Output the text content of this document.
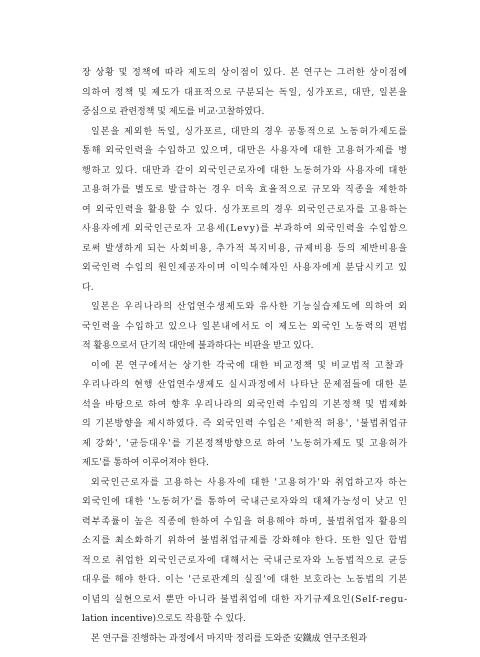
장 상황 및 정책에 따라 제도의 상이점이 있다. 본 연구는 그러한 상이점에
의하여 정책 및 제도가 대표적으로 구분되는 독일, 싱가포르, 대만, 일본을
중심으로 관련정책 및 제도를 비교·고찰하였다.
일본을 제외한 독일, 싱가포르, 대만의 경우 공통적으로 노동허가제도를
통해 외국인력을 수입하고 있으며, 대만은 사용자에 대한 고용허가제를 병
행하고 있다. 대만과 같이 외국인근로자에 대한 노동허가와 사용자에 대한
고용허가를 별도로 발급하는 경우 더욱 효율적으로 규모와 직종을 제한하
여 외국인력을 활용할 수 있다. 싱가포르의 경우 외국인근로자를 고용하는
사용자에게 외국인근로자 고용세(Levy)를 부과하여 외국인력을 수입함으
로써 발생하게 되는 사회비용, 추가적 복지비용, 규제비용 등의 제반비용을
외국인력 수입의 원인제공자이며 이익수혜자인 사용자에게 분담시키고 있
다.
일본은 우리나라의 산업연수생제도와 유사한 기능실습제도에 의하여 외
국인력을 수입하고 있으나 일본내에서도 이 제도는 외국인 노동력의 편법
적 활용으로서 단기적 대안에 불과하다는 비판을 받고 있다.
이에 본 연구에서는 상기한 각국에 대한 비교정책 및 비교법적 고찰과
우리나라의 현행 산업연수생제도 실시과정에서 나타난 문제점들에 대한 분
석을 바탕으로 하여 향후 우리나라의 외국인력 수입의 기본정책 및 법제화
의 기본방향을 제시하였다. 즉 외국인력 수입은 '제한적 허용', '불법취업규
제 강화', '균등대우'를 기본정책방향으로 하여 '노동허가제도 및 고용허가
제도'를 통하여 이루어져야 한다.
외국인근로자를 고용하는 사용자에 대한 '고용허가'와 취업하고자 하는
외국인에 대한 '노동허가'를 통하여 국내근로자와의 대체가능성이 낮고 인
력부족률이 높은 직종에 한하여 수입을 허용해야 하며, 불법취업자 활용의
소지를 최소화하기 위하여 불법취업규제를 강화해야 한다. 또한 일단 합법
적으로 취업한 외국인근로자에 대해서는 국내근로자와 노동법적으로 균등
대우를 해야 한다. 이는 '근로관계의 실질'에 대한 보호라는 노동법의 기본
이념의 실현으로서 뿐만 아니라 불법취업에 대한 자기규제요인(Self-regu-
lation incentive)으로도 작용할 수 있다.
본 연구를 진행하는 과정에서 마지막 정리를 도와준 安鐵成 연구조원과
